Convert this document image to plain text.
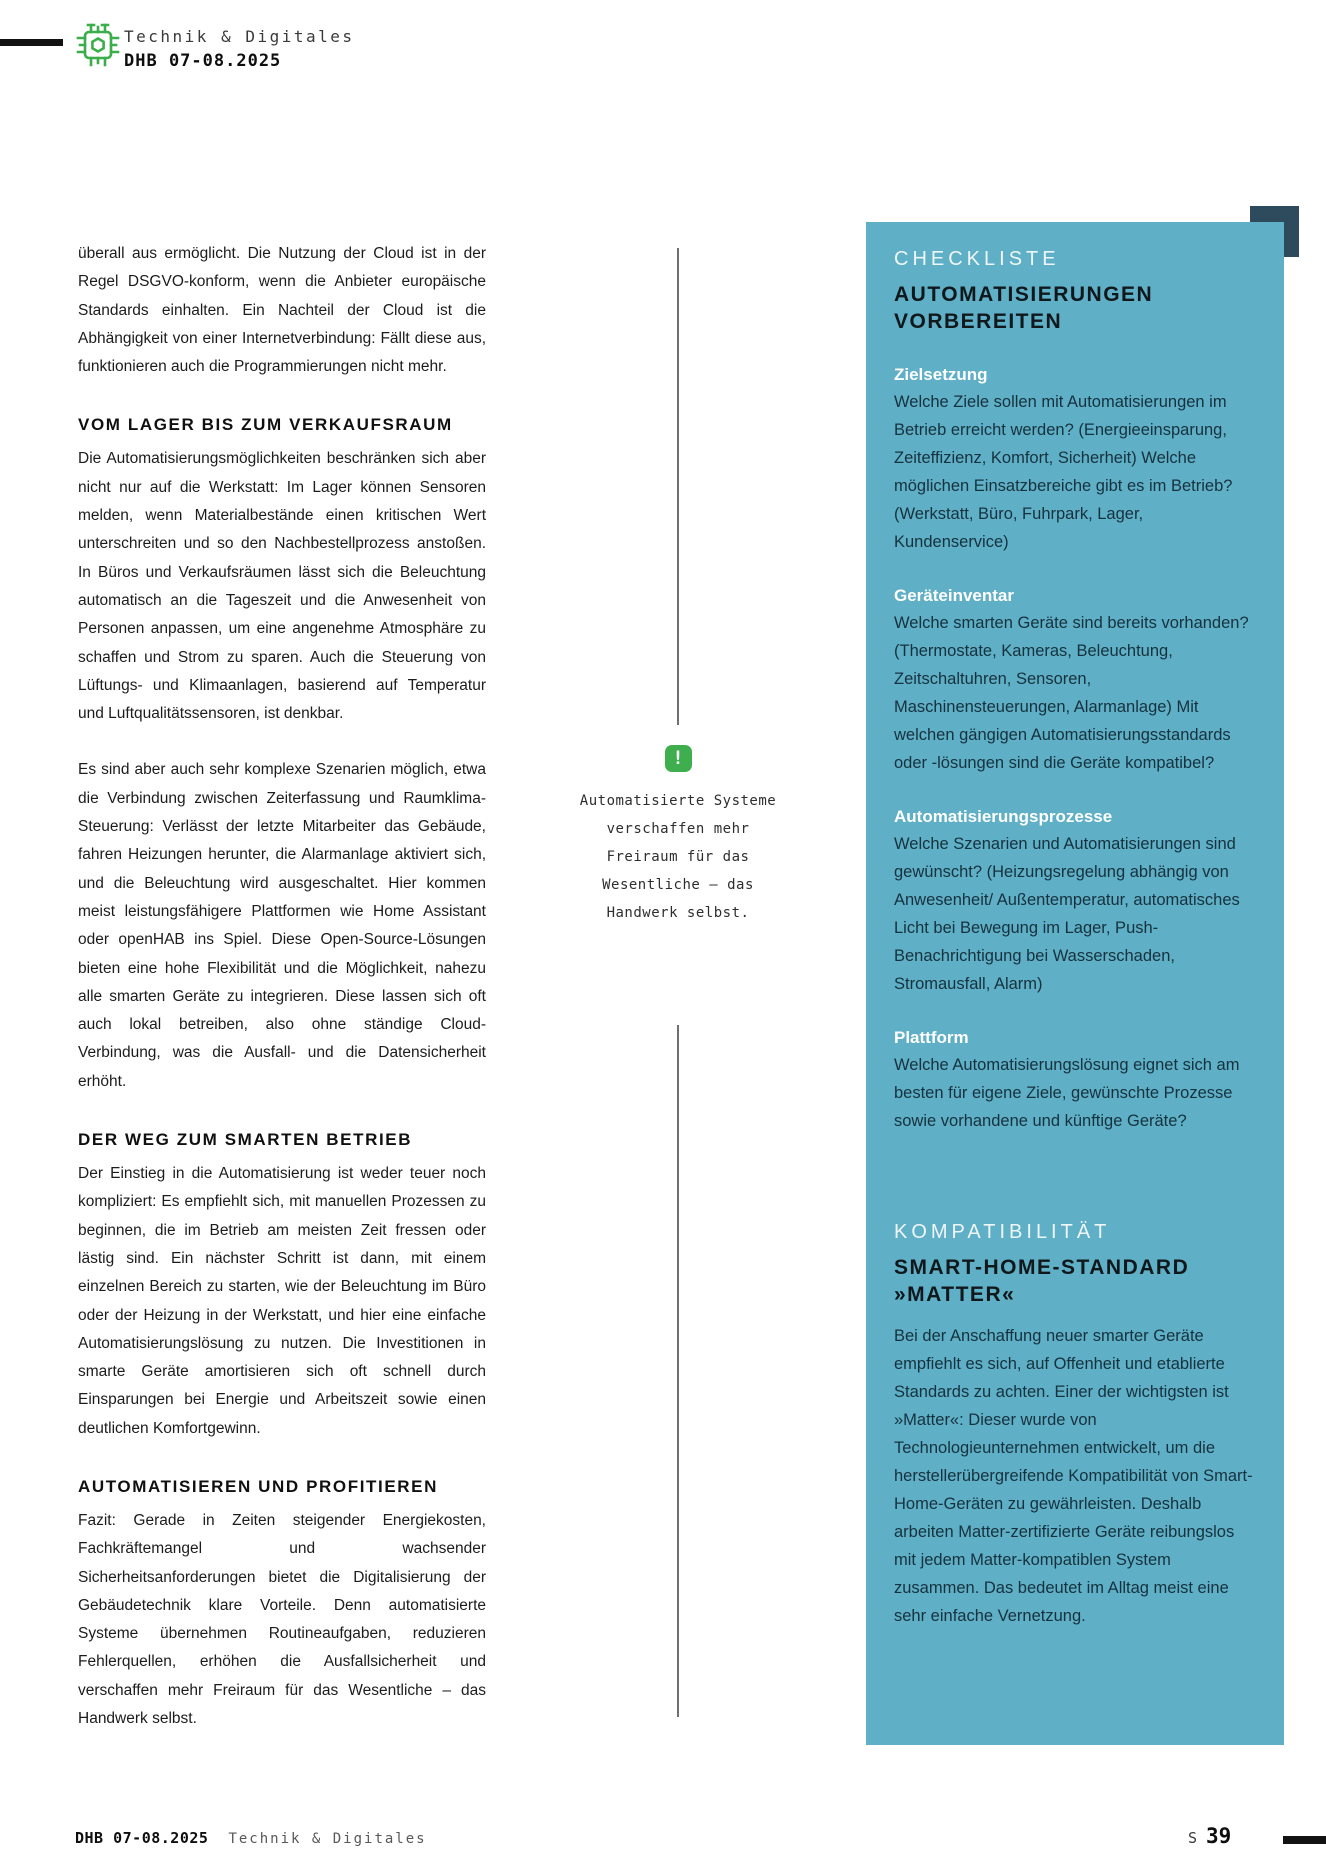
Technik & Digitales
DHB 07-08.2025

überall aus ermöglicht. Die Nutzung der Cloud ist in der Regel DSGVO-konform, wenn die Anbieter europäische Standards einhalten. Ein Nachteil der Cloud ist die Abhängigkeit von einer Internetverbindung: Fällt diese aus, funktionieren auch die Programmierungen nicht mehr.

VOM LAGER BIS ZUM VERKAUFSRAUM

Die Automatisierungsmöglichkeiten beschränken sich aber nicht nur auf die Werkstatt: Im Lager können Sensoren melden, wenn Materialbestände einen kritischen Wert unterschreiten und so den Nachbestellprozess anstoßen. In Büros und Verkaufsräumen lässt sich die Beleuchtung automatisch an die Tageszeit und die Anwesenheit von Personen anpassen, um eine angenehme Atmosphäre zu schaffen und Strom zu sparen. Auch die Steuerung von Lüftungs- und Klimaanlagen, basierend auf Temperatur und Luftqualitätssensoren, ist denkbar.

Es sind aber auch sehr komplexe Szenarien möglich, etwa die Verbindung zwischen Zeiterfassung und Raumklima-Steuerung: Verlässt der letzte Mitarbeiter das Gebäude, fahren Heizungen herunter, die Alarmanlage aktiviert sich, und die Beleuchtung wird ausgeschaltet. Hier kommen meist leistungsfähigere Plattformen wie Home Assistant oder openHAB ins Spiel. Diese Open-Source-Lösungen bieten eine hohe Flexibilität und die Möglichkeit, nahezu alle smarten Geräte zu integrieren. Diese lassen sich oft auch lokal betreiben, also ohne ständige Cloud-Verbindung, was die Ausfall- und die Datensicherheit erhöht.

DER WEG ZUM SMARTEN BETRIEB

Der Einstieg in die Automatisierung ist weder teuer noch kompliziert: Es empfiehlt sich, mit manuellen Prozessen zu beginnen, die im Betrieb am meisten Zeit fressen oder lästig sind. Ein nächster Schritt ist dann, mit einem einzelnen Bereich zu starten, wie der Beleuchtung im Büro oder der Heizung in der Werkstatt, und hier eine einfache Automatisierungslösung zu nutzen. Die Investitionen in smarte Geräte amortisieren sich oft schnell durch Einsparungen bei Energie und Arbeitszeit sowie einen deutlichen Komfortgewinn.

AUTOMATISIEREN UND PROFITIEREN

Fazit: Gerade in Zeiten steigender Energiekosten, Fachkräftemangel und wachsender Sicherheitsanforderungen bietet die Digitalisierung der Gebäudetechnik klare Vorteile. Denn automatisierte Systeme übernehmen Routineaufgaben, reduzieren Fehlerquellen, erhöhen die Ausfallsicherheit und verschaffen mehr Freiraum für das Wesentliche – das Handwerk selbst.

!
Automatisierte Systeme verschaffen mehr Freiraum für das Wesentliche – das Handwerk selbst.
CHECKLISTE
AUTOMATISIERUNGEN VORBEREITEN
Zielsetzung
Welche Ziele sollen mit Automatisierungen im Betrieb erreicht werden? (Energieeinsparung, Zeiteffizienz, Komfort, Sicherheit) Welche möglichen Einsatzbereiche gibt es im Betrieb? (Werkstatt, Büro, Fuhrpark, Lager, Kundenservice)
Geräteinventar
Welche smarten Geräte sind bereits vorhanden? (Thermostate, Kameras, Beleuchtung, Zeitschaltuhren, Sensoren, Maschinensteuerungen, Alarmanlage) Mit welchen gängigen Automatisierungsstandards oder -lösungen sind die Geräte kompatibel?
Automatisierungsprozesse
Welche Szenarien und Automatisierungen sind gewünscht? (Heizungsregelung abhängig von Anwesenheit/ Außentemperatur, automatisches Licht bei Bewegung im Lager, Push-Benachrichtigung bei Wasserschaden, Stromausfall, Alarm)
Plattform
Welche Automatisierungslösung eignet sich am besten für eigene Ziele, gewünschte Prozesse sowie vorhandene und künftige Geräte?
KOMPATIBILITÄT
SMART-HOME-STANDARD »MATTER«
Bei der Anschaffung neuer smarter Geräte empfiehlt es sich, auf Offenheit und etablierte Standards zu achten. Einer der wichtigsten ist »Matter«: Dieser wurde von Technologieunternehmen entwickelt, um die herstellerübergreifende Kompatibilität von Smart-Home-Geräten zu gewährleisten. Deshalb arbeiten Matter-zertifizierte Geräte reibungslos mit jedem Matter-kompatiblen System zusammen. Das bedeutet im Alltag meist eine sehr einfache Vernetzung.
DHB 07-08.2025 Technik & Digitales	S 39
